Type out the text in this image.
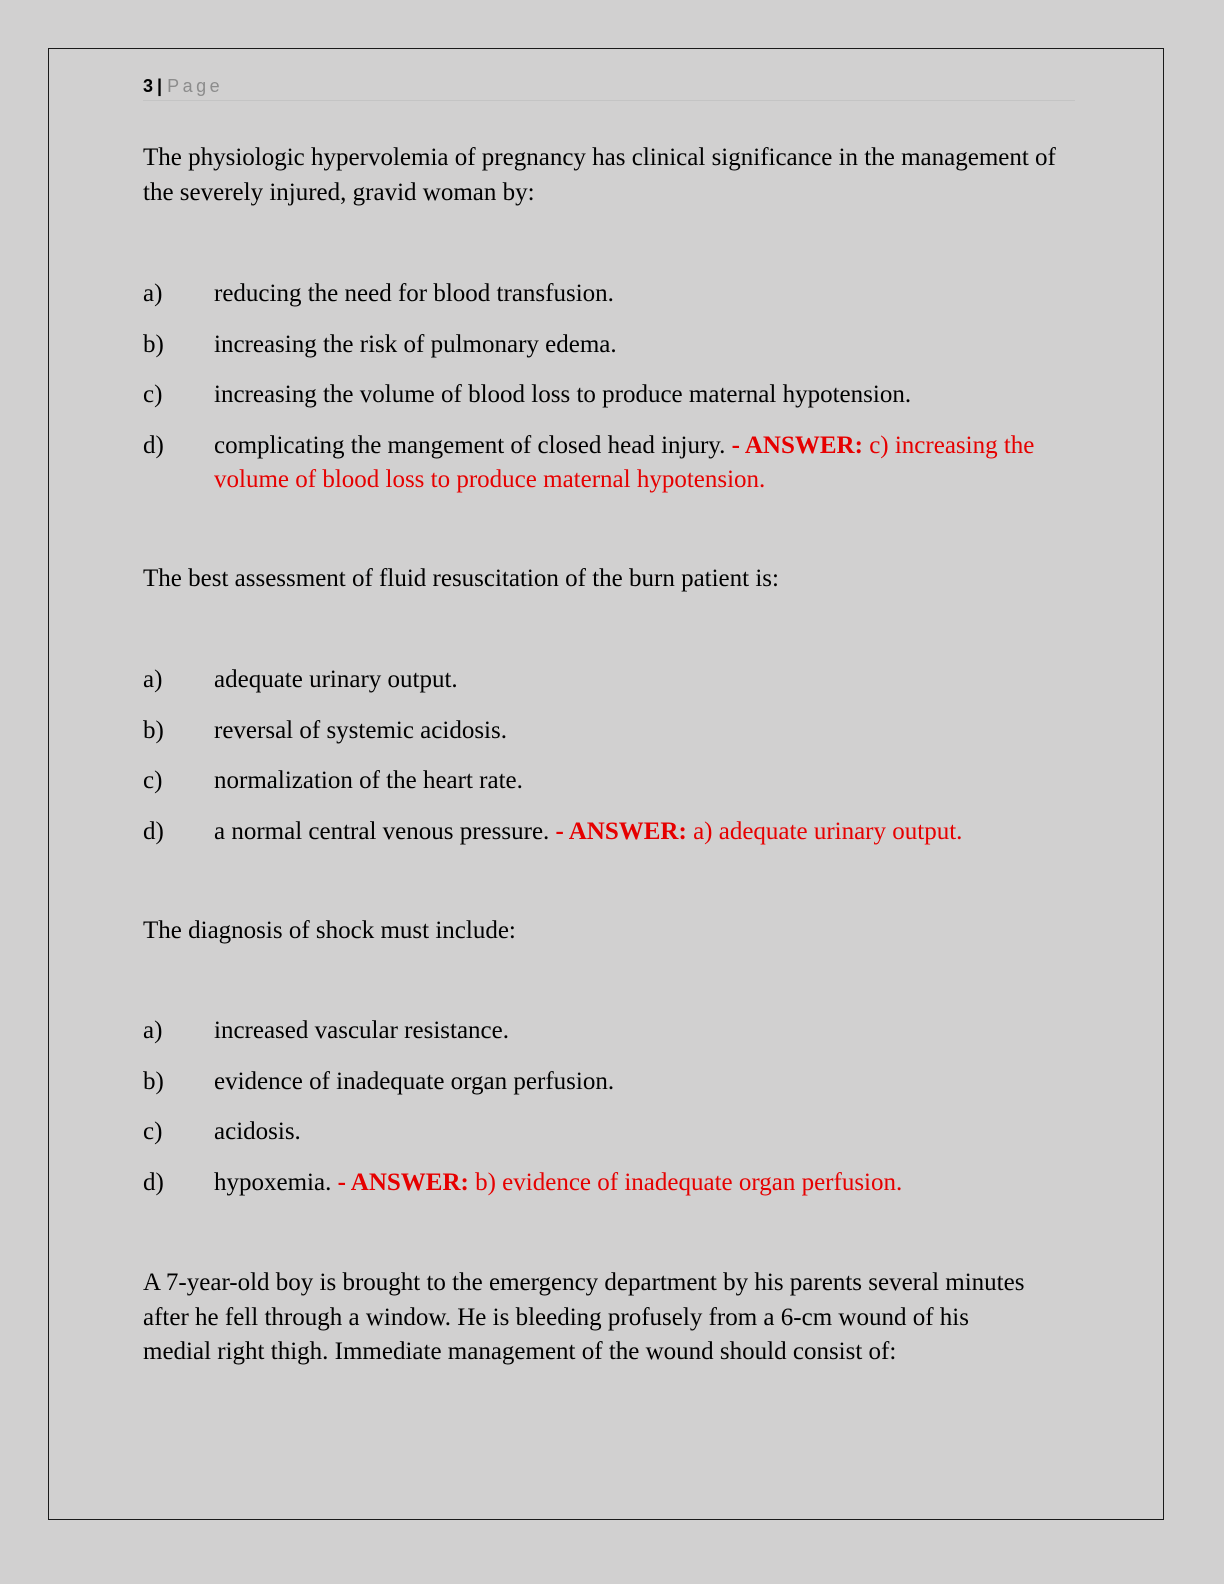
3 | Page

The physiologic hypervolemia of pregnancy has clinical significance in the management of the severely injured, gravid woman by:

a) reducing the need for blood transfusion.

b) increasing the risk of pulmonary edema.

c) increasing the volume of blood loss to produce maternal hypotension.

d) complicating the mangement of closed head injury. - ANSWER: c) increasing the volume of blood loss to produce maternal hypotension.

The best assessment of fluid resuscitation of the burn patient is:

a) adequate urinary output.

b) reversal of systemic acidosis.

c) normalization of the heart rate.

d) a normal central venous pressure. - ANSWER: a) adequate urinary output.

The diagnosis of shock must include:

a) increased vascular resistance.

b) evidence of inadequate organ perfusion.

c) acidosis.

d) hypoxemia. - ANSWER: b) evidence of inadequate organ perfusion.

A 7-year-old boy is brought to the emergency department by his parents several minutes after he fell through a window. He is bleeding profusely from a 6-cm wound of his medial right thigh. Immediate management of the wound should consist of:
